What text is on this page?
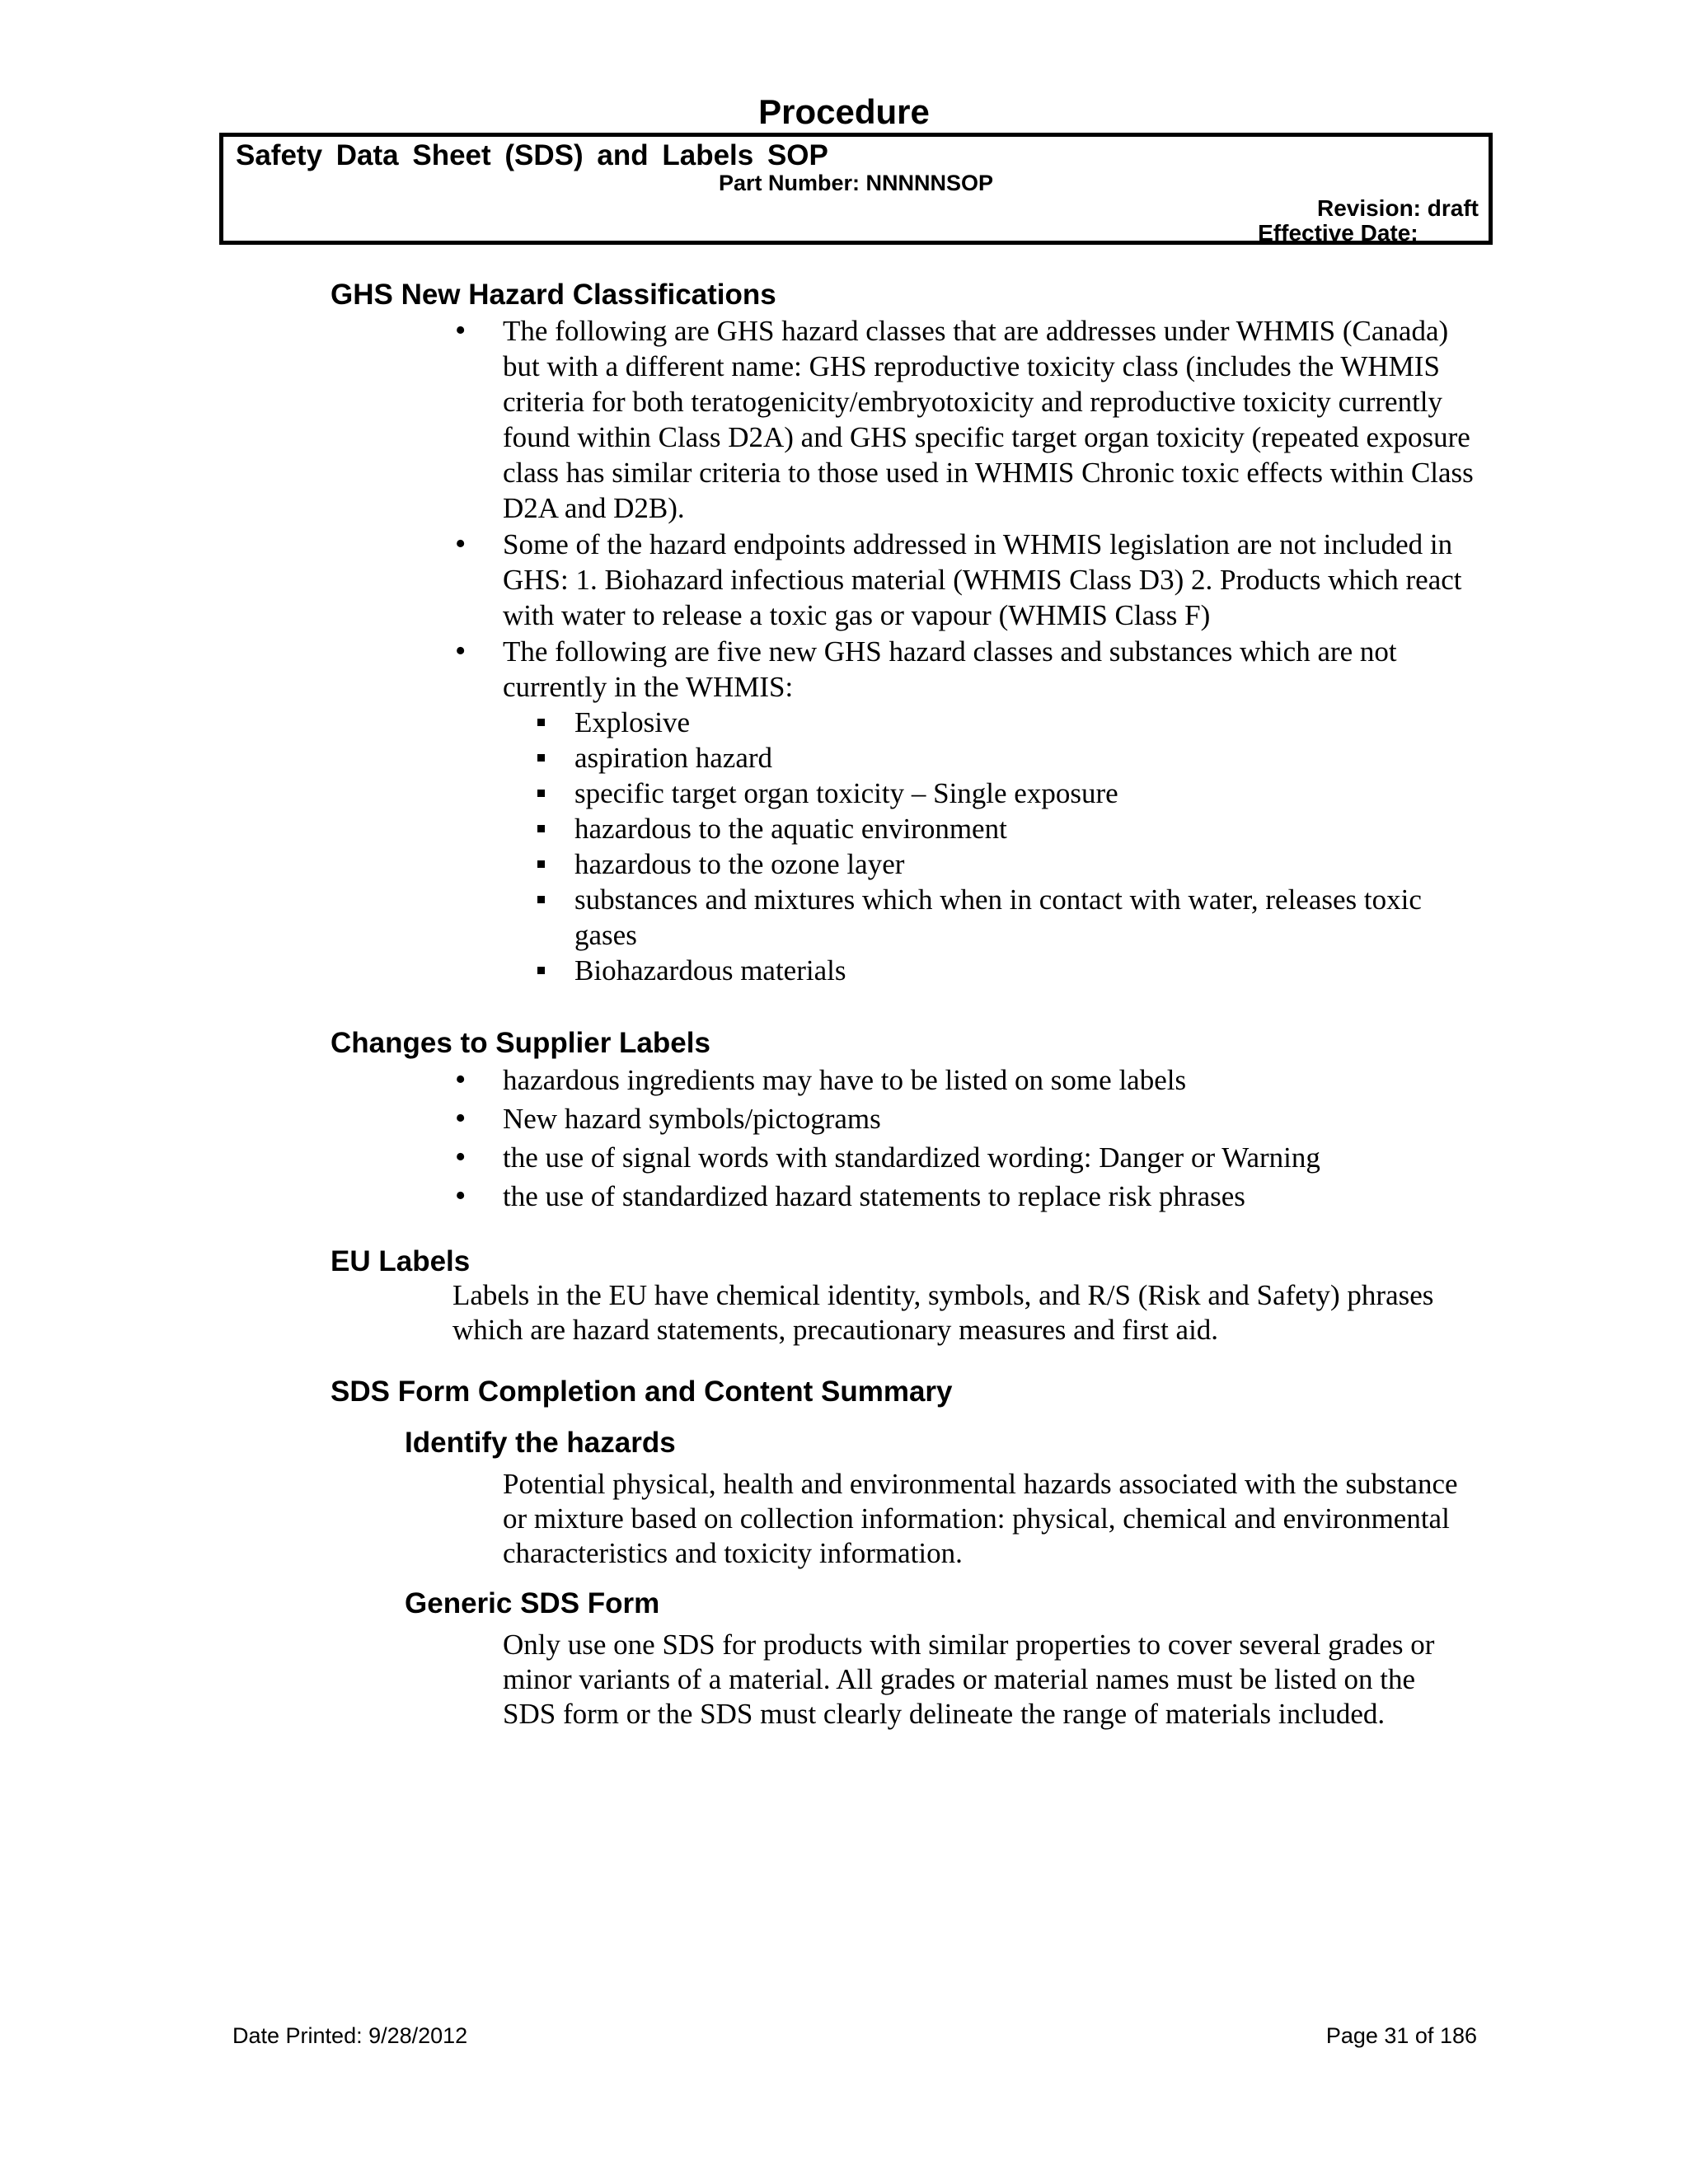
Procedure
Safety Data Sheet (SDS) and Labels SOP
Part Number: NNNNNSOP
Revision: draft
Effective Date: _
GHS New Hazard Classifications
• The following are GHS hazard classes that are addresses under WHMIS (Canada) but with a different name: GHS reproductive toxicity class (includes the WHMIS criteria for both teratogenicity/embryotoxicity and reproductive toxicity currently found within Class D2A) and GHS specific target organ toxicity (repeated exposure class has similar criteria to those used in WHMIS Chronic toxic effects within Class D2A and D2B).
• Some of the hazard endpoints addressed in WHMIS legislation are not included in GHS: 1. Biohazard infectious material (WHMIS Class D3) 2. Products which react with water to release a toxic gas or vapour (WHMIS Class F)
• The following are five new GHS hazard classes and substances which are not currently in the WHMIS:
Explosive
aspiration hazard
specific target organ toxicity – Single exposure
hazardous to the aquatic environment
hazardous to the ozone layer
substances and mixtures which when in contact with water, releases toxic gases
Biohazardous materials
Changes to Supplier Labels
• hazardous ingredients may have to be listed on some labels
• New hazard symbols/pictograms
• the use of signal words with standardized wording: Danger or Warning
• the use of standardized hazard statements to replace risk phrases
EU Labels

Labels in the EU have chemical identity, symbols, and R/S (Risk and Safety) phrases which are hazard statements, precautionary measures and first aid.

SDS Form Completion and Content Summary
Identify the hazards

Potential physical, health and environmental hazards associated with the substance or mixture based on collection information: physical, chemical and environmental characteristics and toxicity information.

Generic SDS Form

Only use one SDS for products with similar properties to cover several grades or minor variants of a material. All grades or material names must be listed on the SDS form or the SDS must clearly delineate the range of materials included.

Date Printed: 9/28/2012	Page 31 of 186
